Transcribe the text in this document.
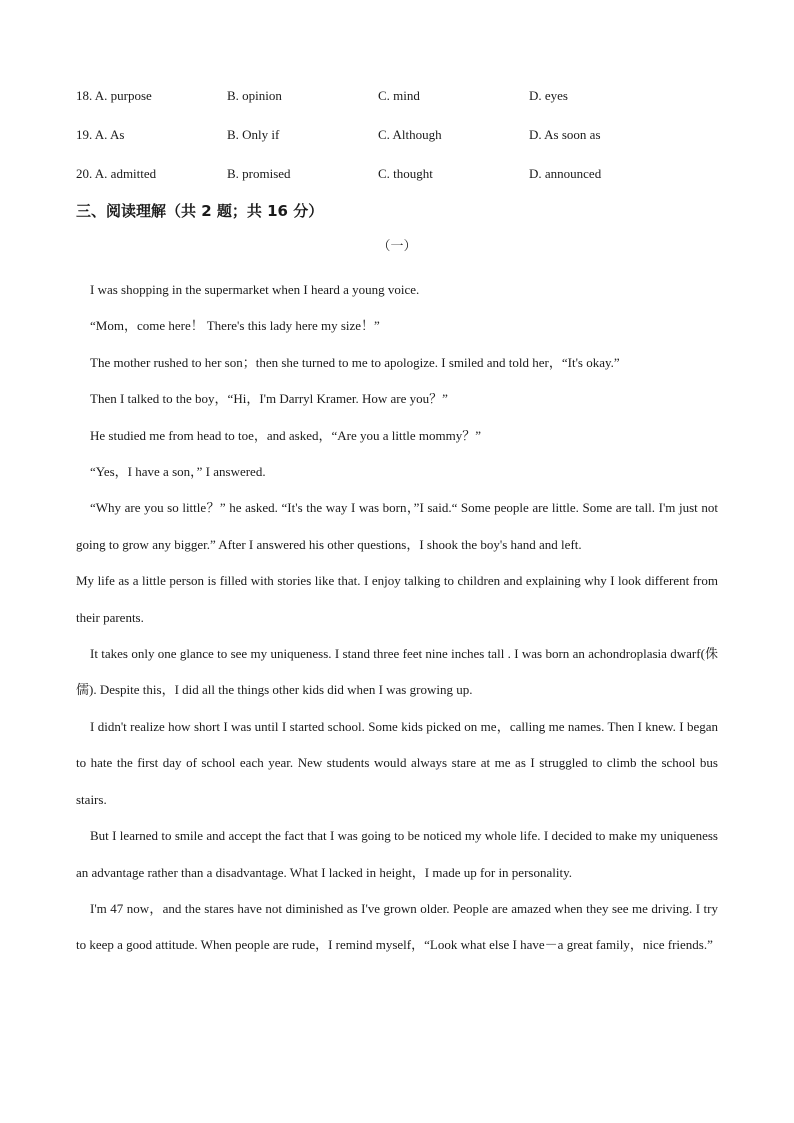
18. A. purpose	B. opinion	C. mind	D. eyes
19. A. As	B. Only if	C. Although	D. As soon as
20. A. admitted	B. promised	C. thought	D. announced
三、阅读理解（共 2 题；共 16 分）
（一）

I was shopping in the supermarket when I heard a young voice.

“Mom，come here！ There's this lady here my size！”

The mother rushed to her son；then she turned to me to apologize. I smiled and told her，“It's okay.”

Then I talked to the boy，“Hi，I'm Darryl Kramer. How are you？”

He studied me from head to toe，and asked，“Are you a little mommy？”

“Yes，I have a son，” I answered.

“Why are you so little？” he asked. “It's the way I was born，”I said.“ Some people are little. Some are tall. I'm just not going to grow any bigger.” After I answered his other questions，I shook the boy's hand and left.

My life as a little person is filled with stories like that. I enjoy talking to children and explaining why I look different from their parents.

It takes only one glance to see my uniqueness. I stand three feet nine inches tall . I was born an achondroplasia dwarf(侏儒). Despite this，I did all the things other kids did when I was growing up.

I didn't realize how short I was until I started school. Some kids picked on me，calling me names. Then I knew. I began to hate the first day of school each year. New students would always stare at me as I struggled to climb the school bus stairs.

But I learned to smile and accept the fact that I was going to be noticed my whole life. I decided to make my uniqueness an advantage rather than a disadvantage. What I lacked in height，I made up for in personality.

I'm 47 now，and the stares have not diminished as I've grown older. People are amazed when they see me driving. I try to keep a good attitude. When people are rude，I remind myself，“Look what else I have－a great family，nice friends.”
